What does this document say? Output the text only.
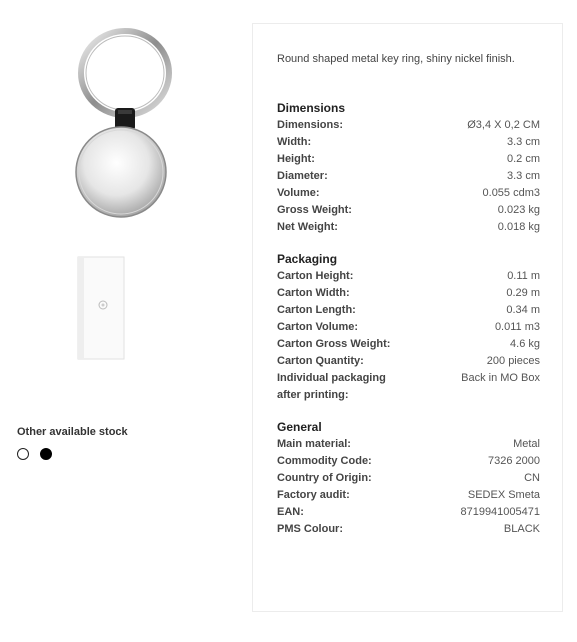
Other available stock
Round shaped metal key ring, shiny nickel finish.
Dimensions
Dimensions:	Ø3,4 X 0,2 CM
Width:	3.3 cm
Height:	0.2 cm
Diameter:	3.3 cm
Volume:	0.055 cdm3
Gross Weight:	0.023 kg
Net Weight:	0.018 kg
Packaging
Carton Height:	0.11 m
Carton Width:	0.29 m
Carton Length:	0.34 m
Carton Volume:	0.011 m3
Carton Gross Weight:	4.6 kg
Carton Quantity:	200 pieces
Individual packaging after printing:
Back in MO Box
General
Main material:	Metal
Commodity Code:	7326 2000
Country of Origin:	CN
Factory audit:	SEDEX Smeta
EAN:	8719941005471
PMS Colour:	BLACK
